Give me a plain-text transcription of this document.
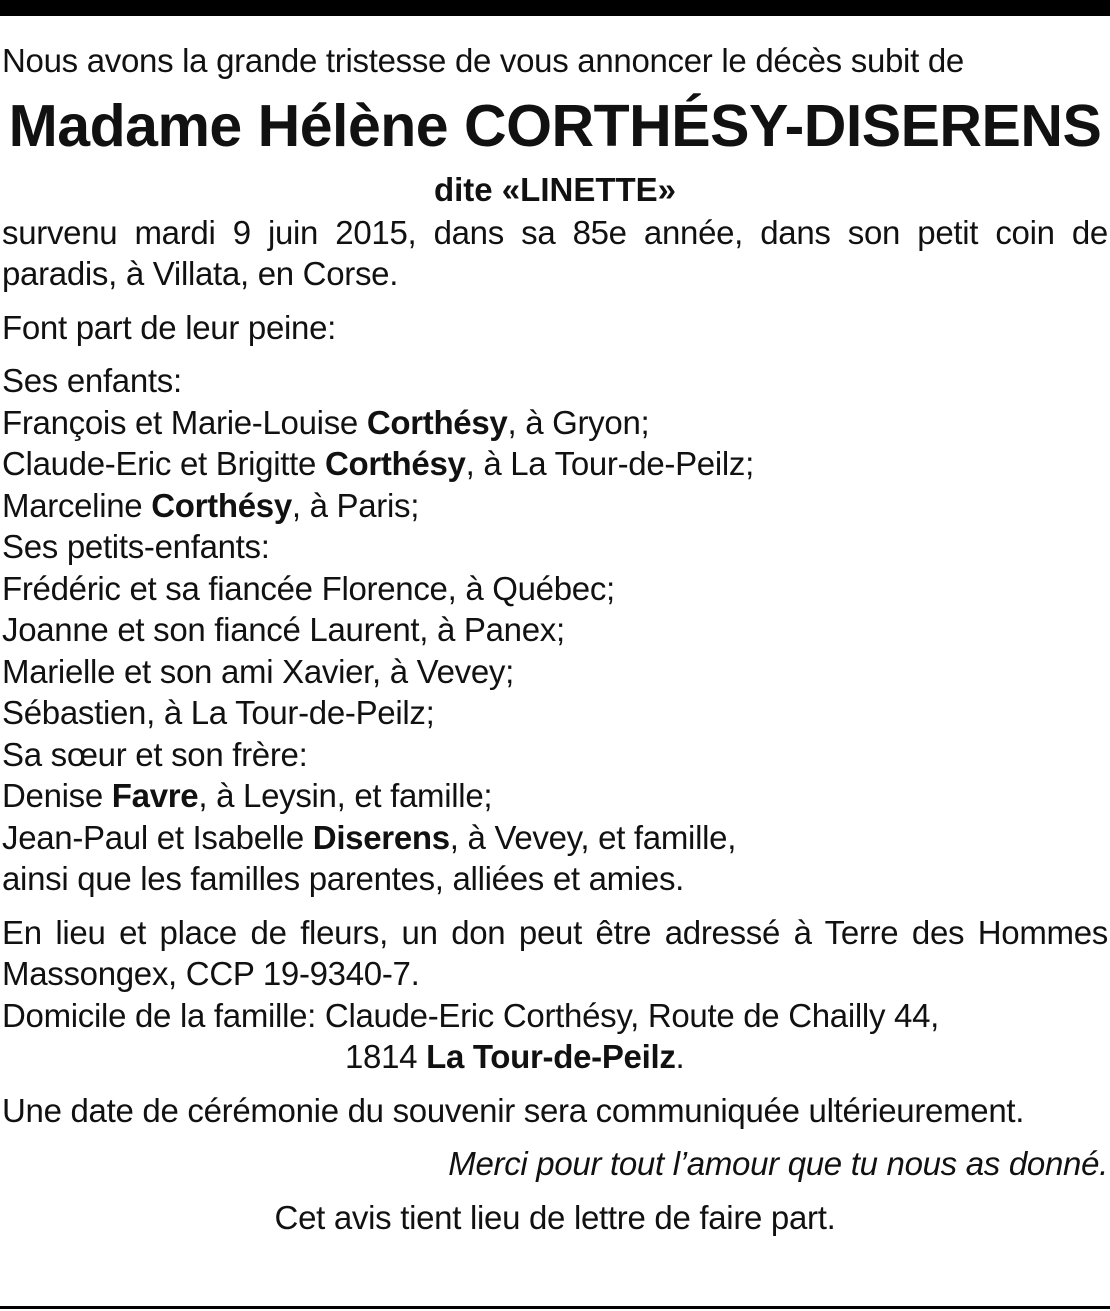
Nous avons la grande tristesse de vous annoncer le décès subit de
Madame Hélène CORTHÉSY-DISERENS
dite «LINETTE»
survenu mardi 9 juin 2015, dans sa 85e année, dans son petit coin de paradis, à Villata, en Corse.
Font part de leur peine:
Ses enfants:
François et Marie-Louise Corthésy, à Gryon;
Claude-Eric et Brigitte Corthésy, à La Tour-de-Peilz;
Marceline Corthésy, à Paris;
Ses petits-enfants:
Frédéric et sa fiancée Florence, à Québec;
Joanne et son fiancé Laurent, à Panex;
Marielle et son ami Xavier, à Vevey;
Sébastien, à La Tour-de-Peilz;
Sa sœur et son frère:
Denise Favre, à Leysin, et famille;
Jean-Paul et Isabelle Diserens, à Vevey, et famille,
ainsi que les familles parentes, alliées et amies.
En lieu et place de fleurs, un don peut être adressé à Terre des Hommes Massongex, CCP 19-9340-7.
Domicile de la famille: Claude-Eric Corthésy, Route de Chailly 44,
1814 La Tour-de-Peilz.
Une date de cérémonie du souvenir sera communiquée ultérieurement.
Merci pour tout l’amour que tu nous as donné.
Cet avis tient lieu de lettre de faire part.
